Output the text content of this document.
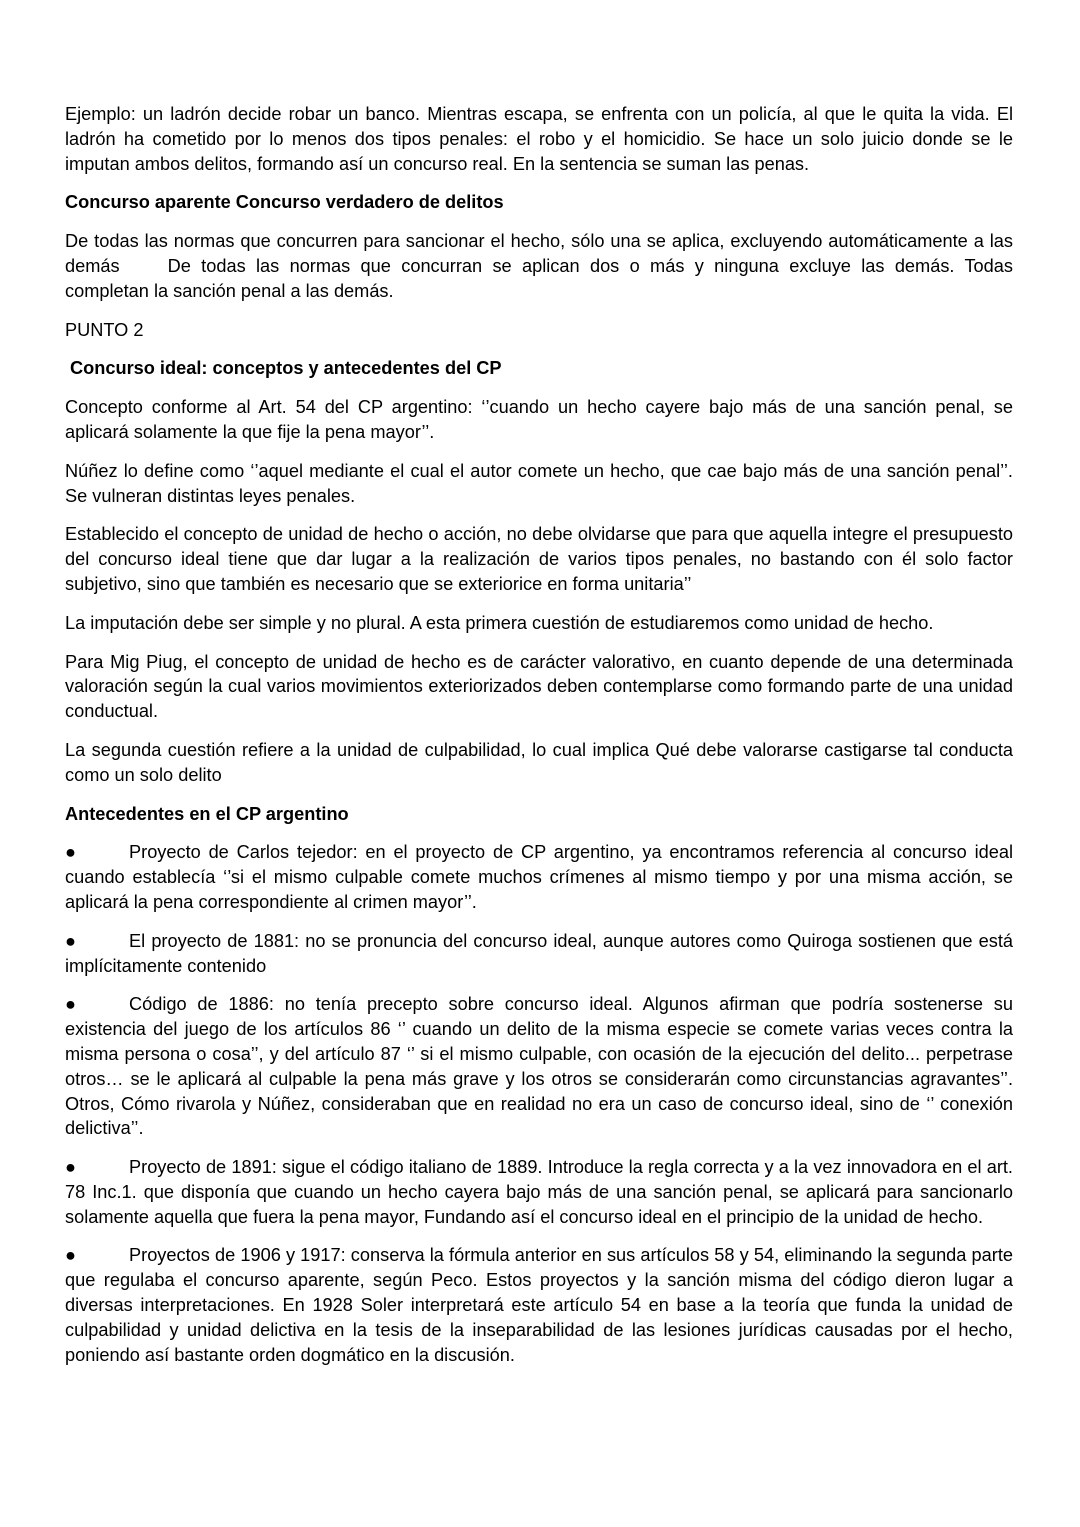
Ejemplo: un ladrón decide robar un banco. Mientras escapa, se enfrenta con un policía, al que le quita la vida. El ladrón ha cometido por lo menos dos tipos penales: el robo y el homicidio. Se hace un solo juicio donde se le imputan ambos delitos, formando así un concurso real. En la sentencia se suman las penas.

Concurso aparente Concurso verdadero de delitos

De todas las normas que concurren para sancionar el hecho, sólo una se aplica, excluyendo automáticamente a las demás	De todas las normas que concurran se aplican dos o más y ninguna excluye las demás. Todas completan la sanción penal a las demás.

PUNTO 2

Concurso ideal: conceptos y antecedentes del CP

Concepto conforme al Art. 54 del CP argentino: ‘’cuando un hecho cayere bajo más de una sanción penal, se aplicará solamente la que fije la pena mayor’’.

Núñez lo define como ‘’aquel mediante el cual el autor comete un hecho, que cae bajo más de una sanción penal’’. Se vulneran distintas leyes penales.

Establecido el concepto de unidad de hecho o acción, no debe olvidarse que para que aquella integre el presupuesto del concurso ideal tiene que dar lugar a la realización de varios tipos penales, no bastando con él solo factor subjetivo, sino que también es necesario que se exteriorice en forma unitaria’’

La imputación debe ser simple y no plural. A esta primera cuestión de estudiaremos como unidad de hecho.

Para Mig Piug, el concepto de unidad de hecho es de carácter valorativo, en cuanto depende de una determinada valoración según la cual varios movimientos exteriorizados deben contemplarse como formando parte de una unidad conductual.

La segunda cuestión refiere a la unidad de culpabilidad, lo cual implica Qué debe valorarse castigarse tal conducta como un solo delito

Antecedentes en el CP argentino

●	Proyecto de Carlos tejedor: en el proyecto de CP argentino, ya encontramos referencia al concurso ideal cuando establecía ‘’si el mismo culpable comete muchos crímenes al mismo tiempo y por una misma acción, se aplicará la pena correspondiente al crimen mayor’’.

●	El proyecto de 1881: no se pronuncia del concurso ideal, aunque autores como Quiroga sostienen que está implícitamente contenido

●	Código de 1886: no tenía precepto sobre concurso ideal. Algunos afirman que podría sostenerse su existencia del juego de los artículos 86 ‘’ cuando un delito de la misma especie se comete varias veces contra la misma persona o cosa’’, y del artículo 87 ‘’ si el mismo culpable, con ocasión de la ejecución del delito... perpetrase otros… se le aplicará al culpable la pena más grave y los otros se considerarán como circunstancias agravantes’’. Otros, Cómo rivarola y Núñez, consideraban que en realidad no era un caso de concurso ideal, sino de ‘’ conexión delictiva’’.

●	Proyecto de 1891: sigue el código italiano de 1889. Introduce la regla correcta y a la vez innovadora en el art. 78 Inc.1. que disponía que cuando un hecho cayera bajo más de una sanción penal, se aplicará para sancionarlo solamente aquella que fuera la pena mayor, Fundando así el concurso ideal en el principio de la unidad de hecho.

●	Proyectos de 1906 y 1917: conserva la fórmula anterior en sus artículos 58 y 54, eliminando la segunda parte que regulaba el concurso aparente, según Peco. Estos proyectos y la sanción misma del código dieron lugar a diversas interpretaciones. En 1928 Soler interpretará este artículo 54 en base a la teoría que funda la unidad de culpabilidad y unidad delictiva en la tesis de la inseparabilidad de las lesiones jurídicas causadas por el hecho, poniendo así bastante orden dogmático en la discusión.
